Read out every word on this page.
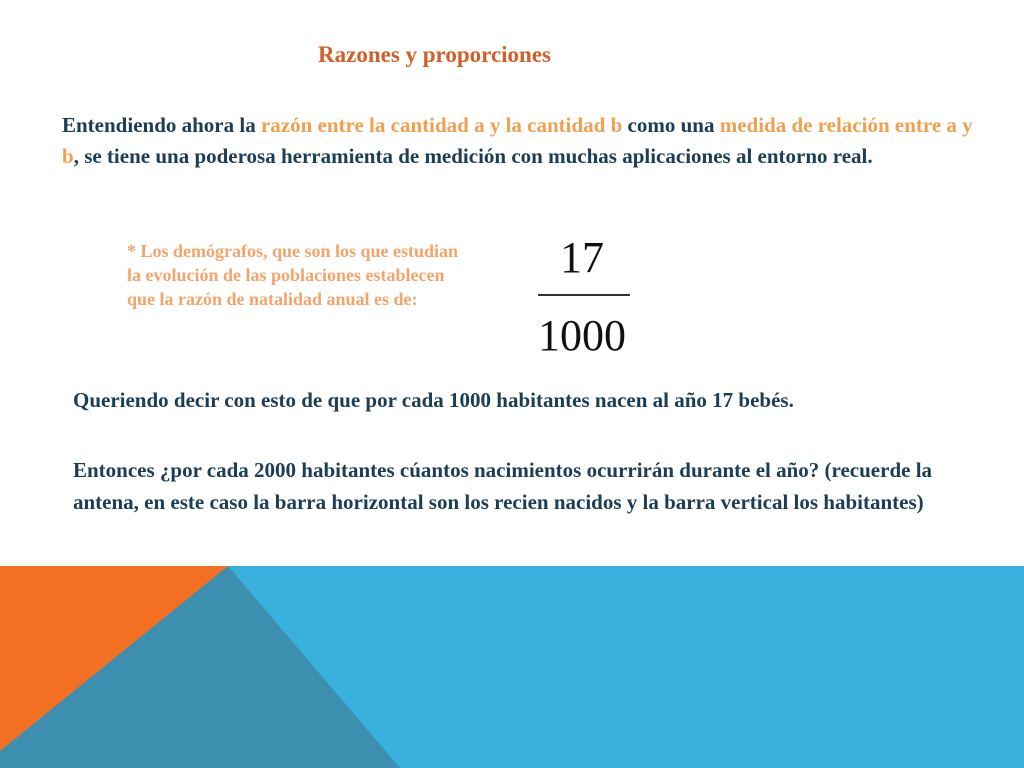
Razones y proporciones
Entendiendo ahora la razón entre la cantidad a y la cantidad b como una medida de relación entre a y b, se tiene una poderosa herramienta de medición con muchas aplicaciones al entorno real.
* Los demógrafos, que son los que estudian la evolución de las poblaciones establecen que la razón de natalidad anual es de:
17
1000
Queriendo decir con esto de que por cada 1000 habitantes nacen al año 17 bebés.
Entonces ¿por cada 2000 habitantes cúantos nacimientos ocurrirán durante el año? (recuerde la antena, en este caso la barra horizontal son los recien nacidos y la barra vertical los habitantes)
